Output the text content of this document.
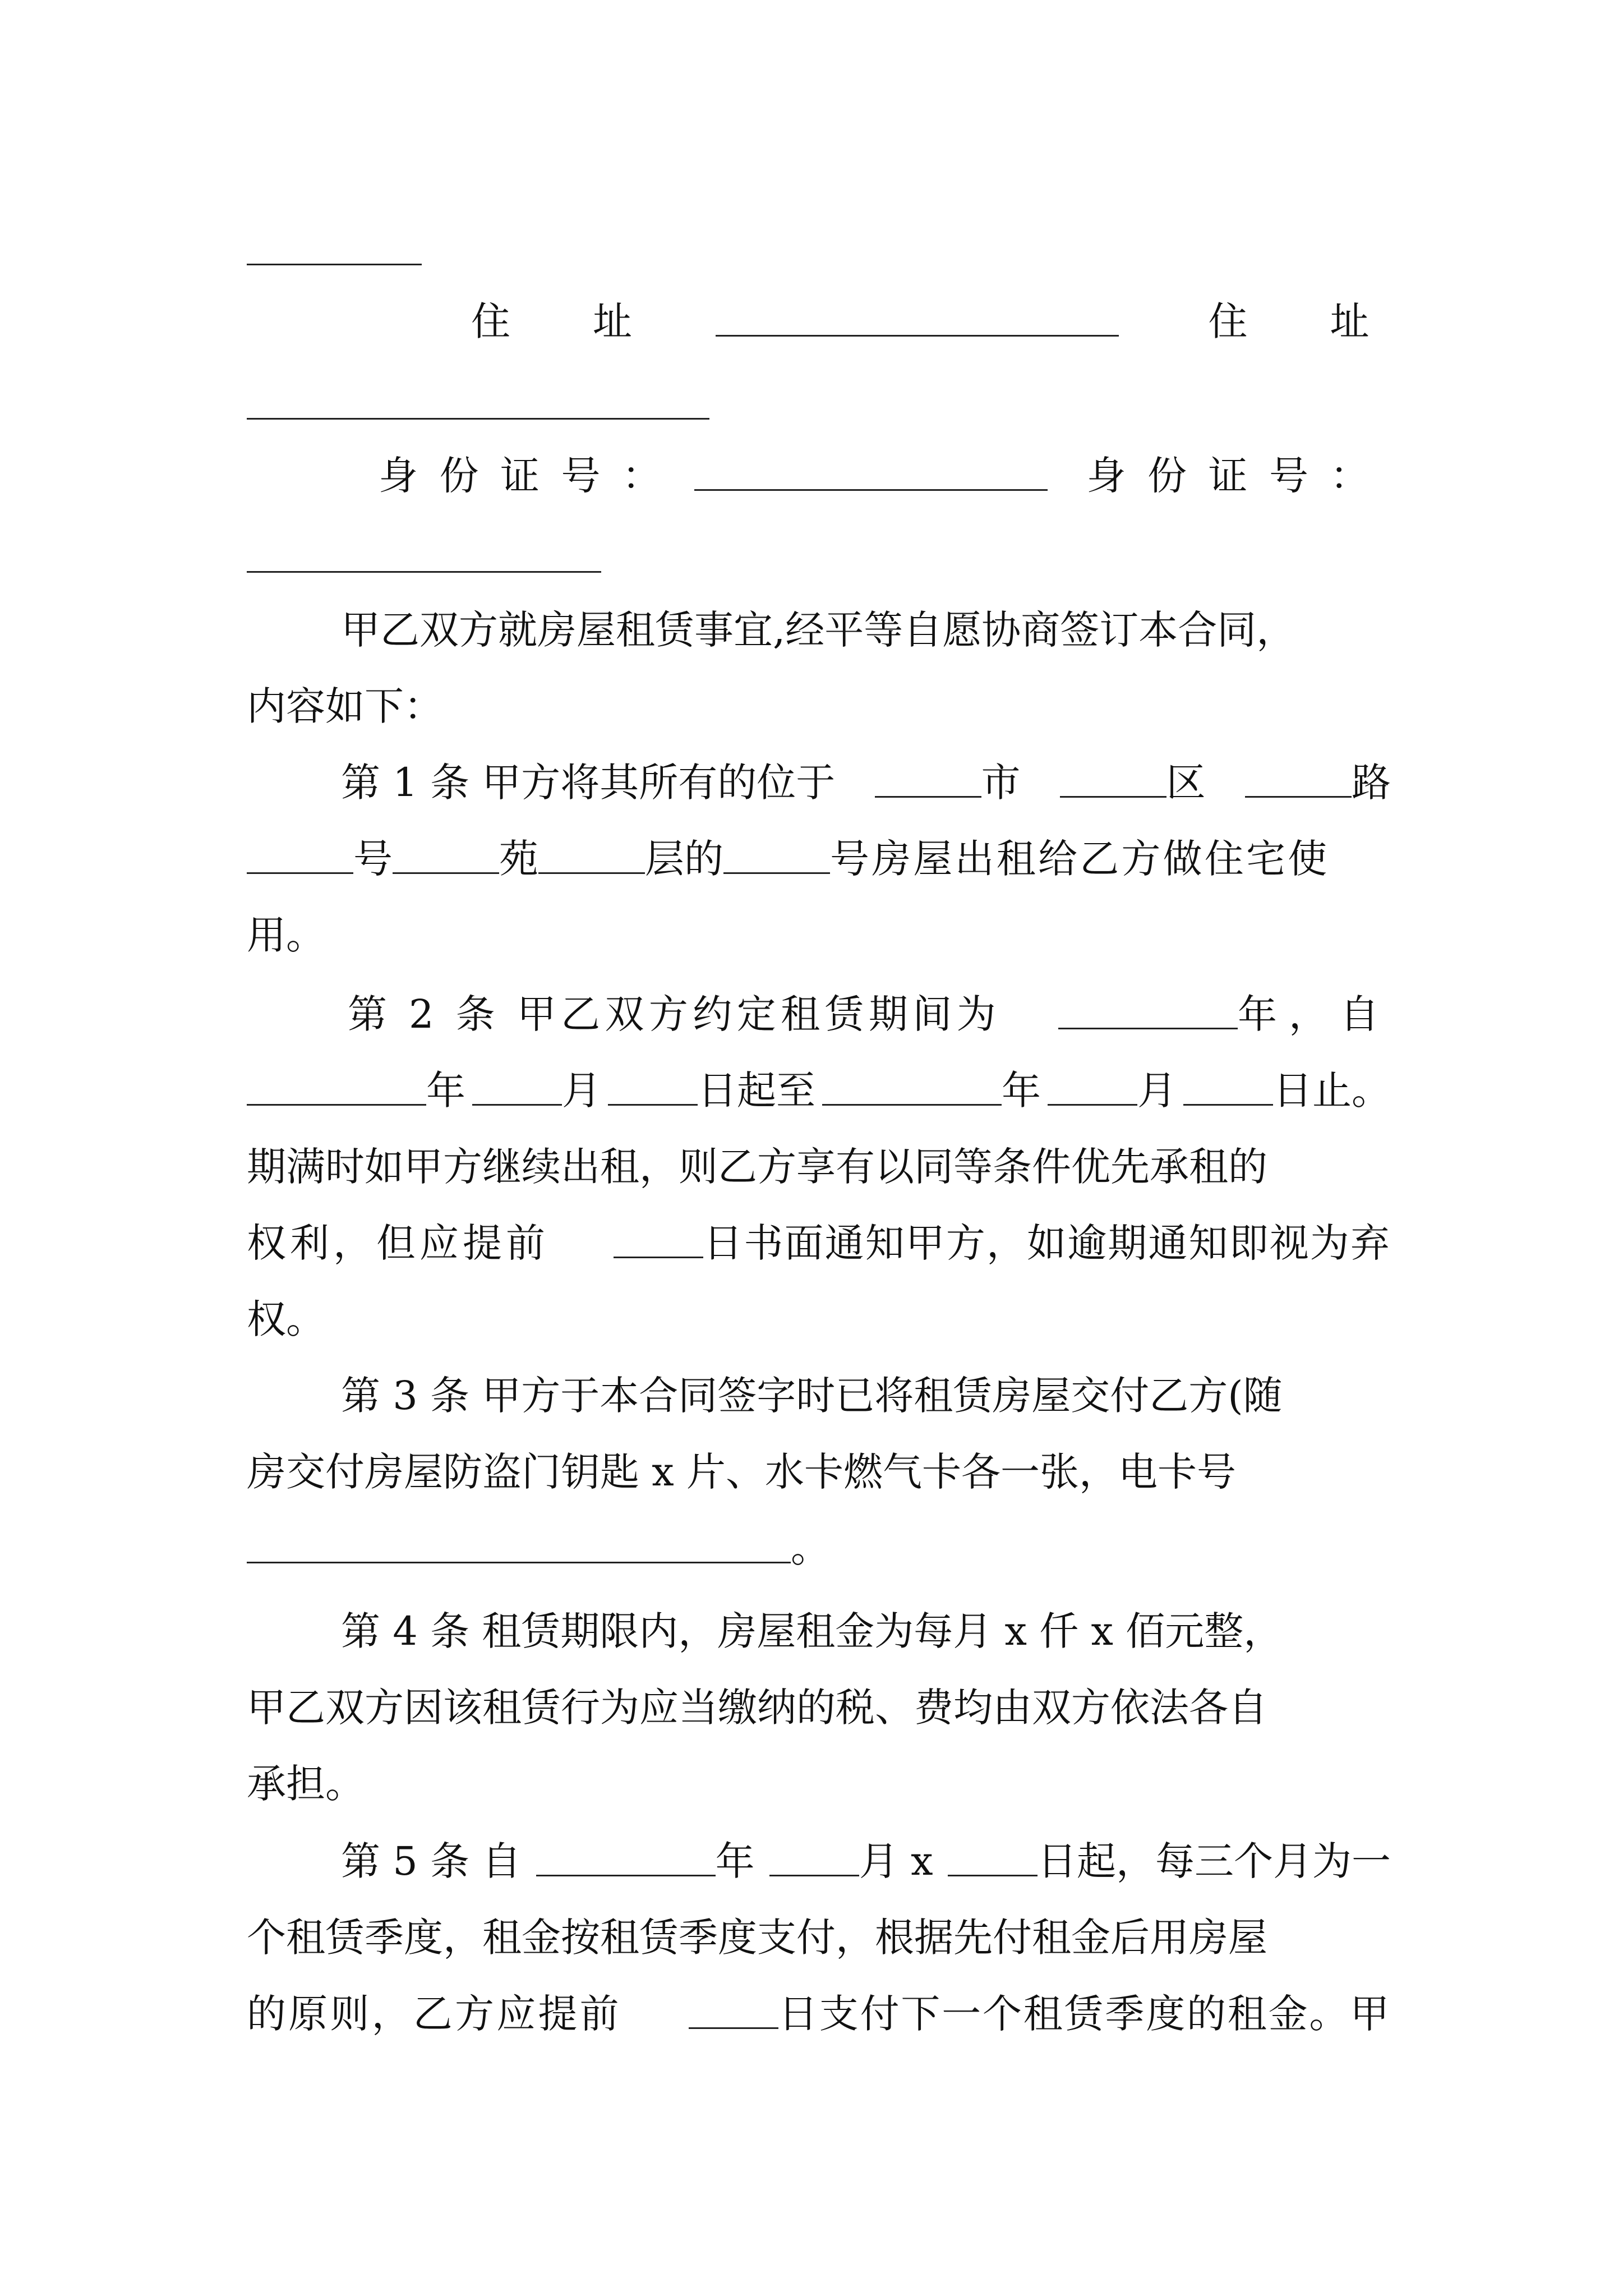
住　址	住　址
身份证号：	身份证号：
甲乙双方就房屋租赁事宜,经平等自愿协商签订本合同，
内容如下：
第 1 条 甲方将其所有的位于	市	区	路
号	苑	层的	号房屋出租给乙方做住宅使
用。
第 2 条 甲乙双方约定租赁期间为	年，自
年 月 日起至	年 月 日止。
期满时如甲方继续出租，则乙方享有以同等条件优先承租的
权利，但应提前	日书面通知甲方，如逾期通知即视为弃
权。
第 3 条 甲方于本合同签字时已将租赁房屋交付乙方(随
房交付房屋防盗门钥匙 x 片、水卡燃气卡各一张，电卡号
。
第 4 条 租赁期限内，房屋租金为每月 x 仟 x 佰元整，
甲乙双方因该租赁行为应当缴纳的税、费均由双方依法各自
承担。
第 5 条 自	年	月 x	日起，每三个月为一
个租赁季度，租金按租赁季度支付，根据先付租金后用房屋
的原则，乙方应提前	日支付下一个租赁季度的租金。甲
